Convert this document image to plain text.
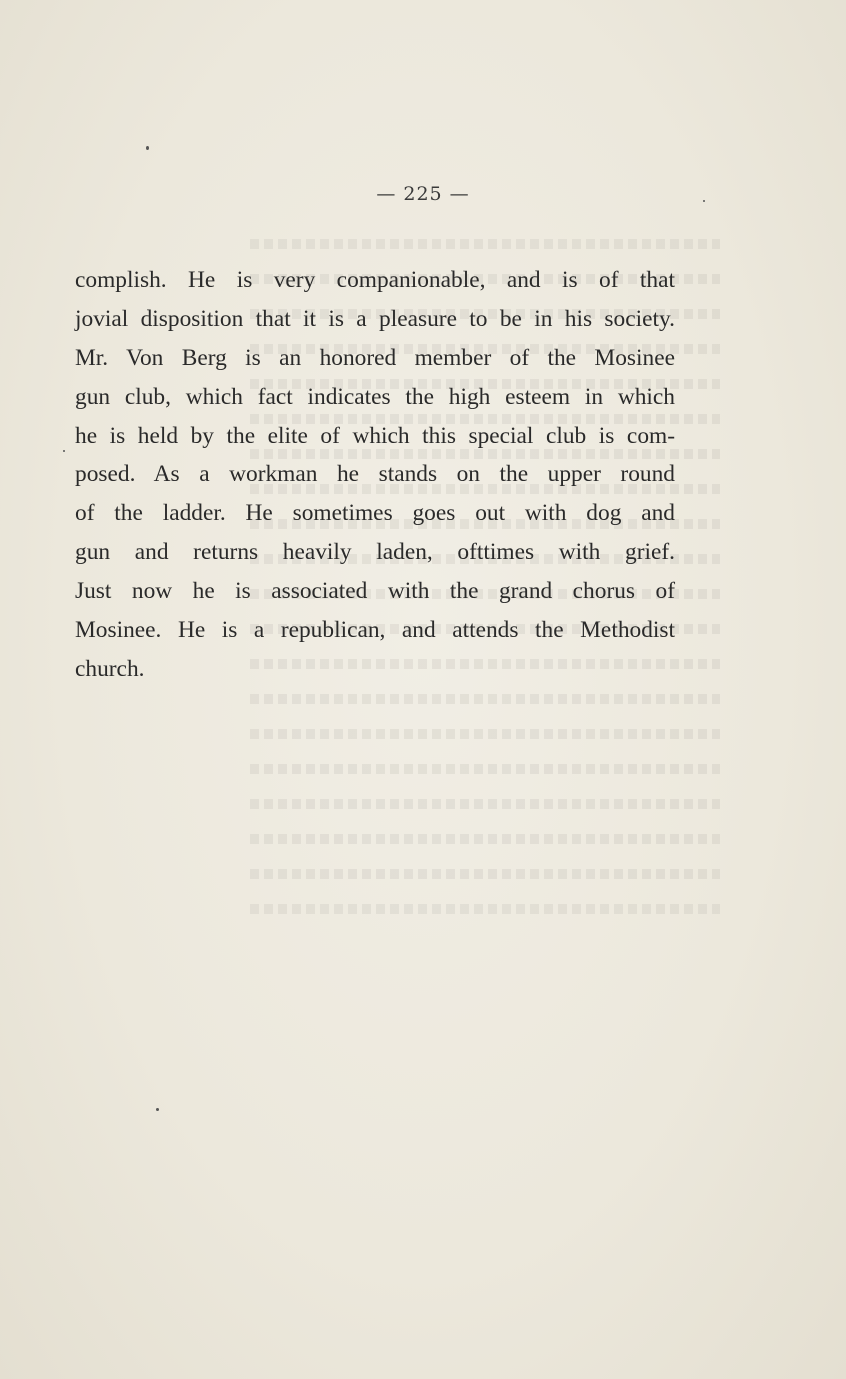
— 225 —
complish. He is very companionable, and is of that
jovial disposition that it is a pleasure to be in his society.
Mr. Von Berg is an honored member of the Mosinee
gun club, which fact indicates the high esteem in which
he is held by the elite of which this special club is com-
posed. As a workman he stands on the upper round
of the ladder. He sometimes goes out with dog and
gun and returns heavily laden, ofttimes with grief.
Just now he is associated with the grand chorus of
Mosinee. He is a republican, and attends the Methodist
church.
